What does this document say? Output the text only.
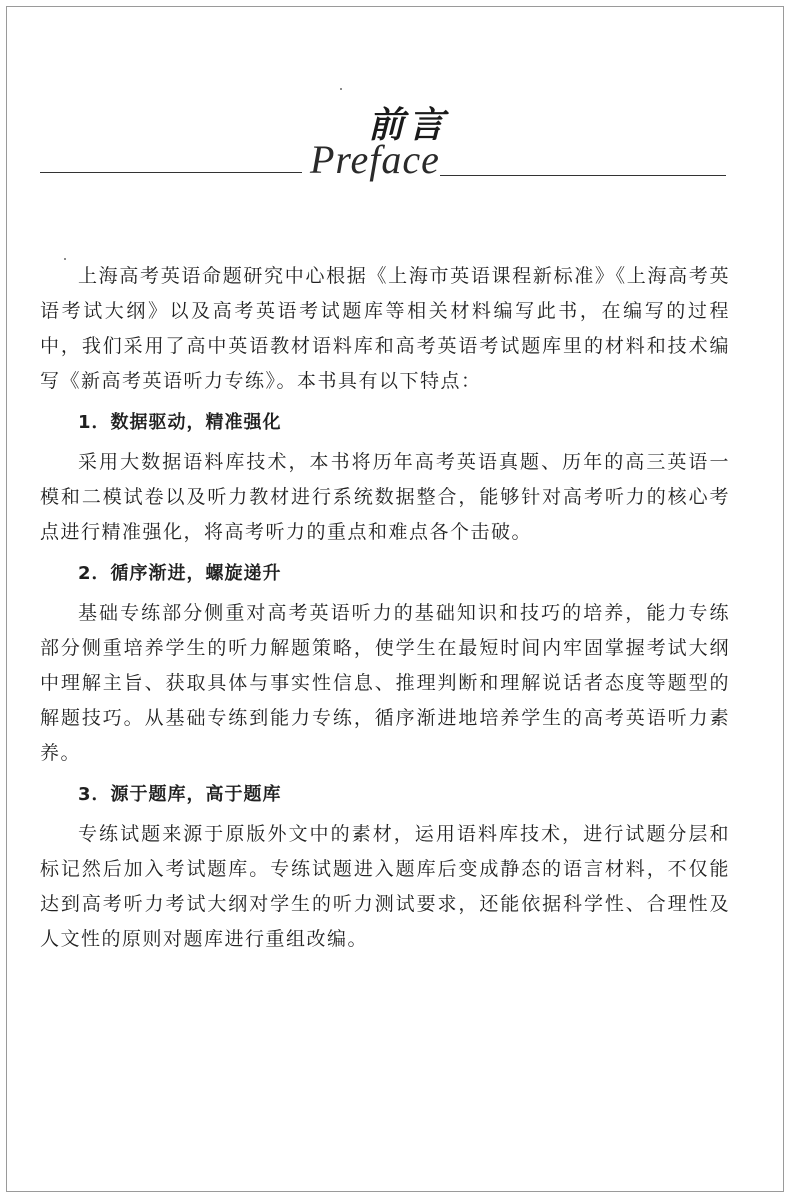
前言
Preface

上海高考英语命题研究中心根据《上海市英语课程新标准》《上海高考英语考试大纲》以及高考英语考试题库等相关材料编写此书，在编写的过程中，我们采用了高中英语教材语料库和高考英语考试题库里的材料和技术编写《新高考英语听力专练》。本书具有以下特点：

1．数据驱动，精准强化

采用大数据语料库技术，本书将历年高考英语真题、历年的高三英语一模和二模试卷以及听力教材进行系统数据整合，能够针对高考听力的核心考点进行精准强化，将高考听力的重点和难点各个击破。

2．循序渐进，螺旋递升

基础专练部分侧重对高考英语听力的基础知识和技巧的培养，能力专练部分侧重培养学生的听力解题策略，使学生在最短时间内牢固掌握考试大纲中理解主旨、获取具体与事实性信息、推理判断和理解说话者态度等题型的解题技巧。从基础专练到能力专练，循序渐进地培养学生的高考英语听力素养。

3．源于题库，高于题库

专练试题来源于原版外文中的素材，运用语料库技术，进行试题分层和标记然后加入考试题库。专练试题进入题库后变成静态的语言材料，不仅能达到高考听力考试大纲对学生的听力测试要求，还能依据科学性、合理性及人文性的原则对题库进行重组改编。
